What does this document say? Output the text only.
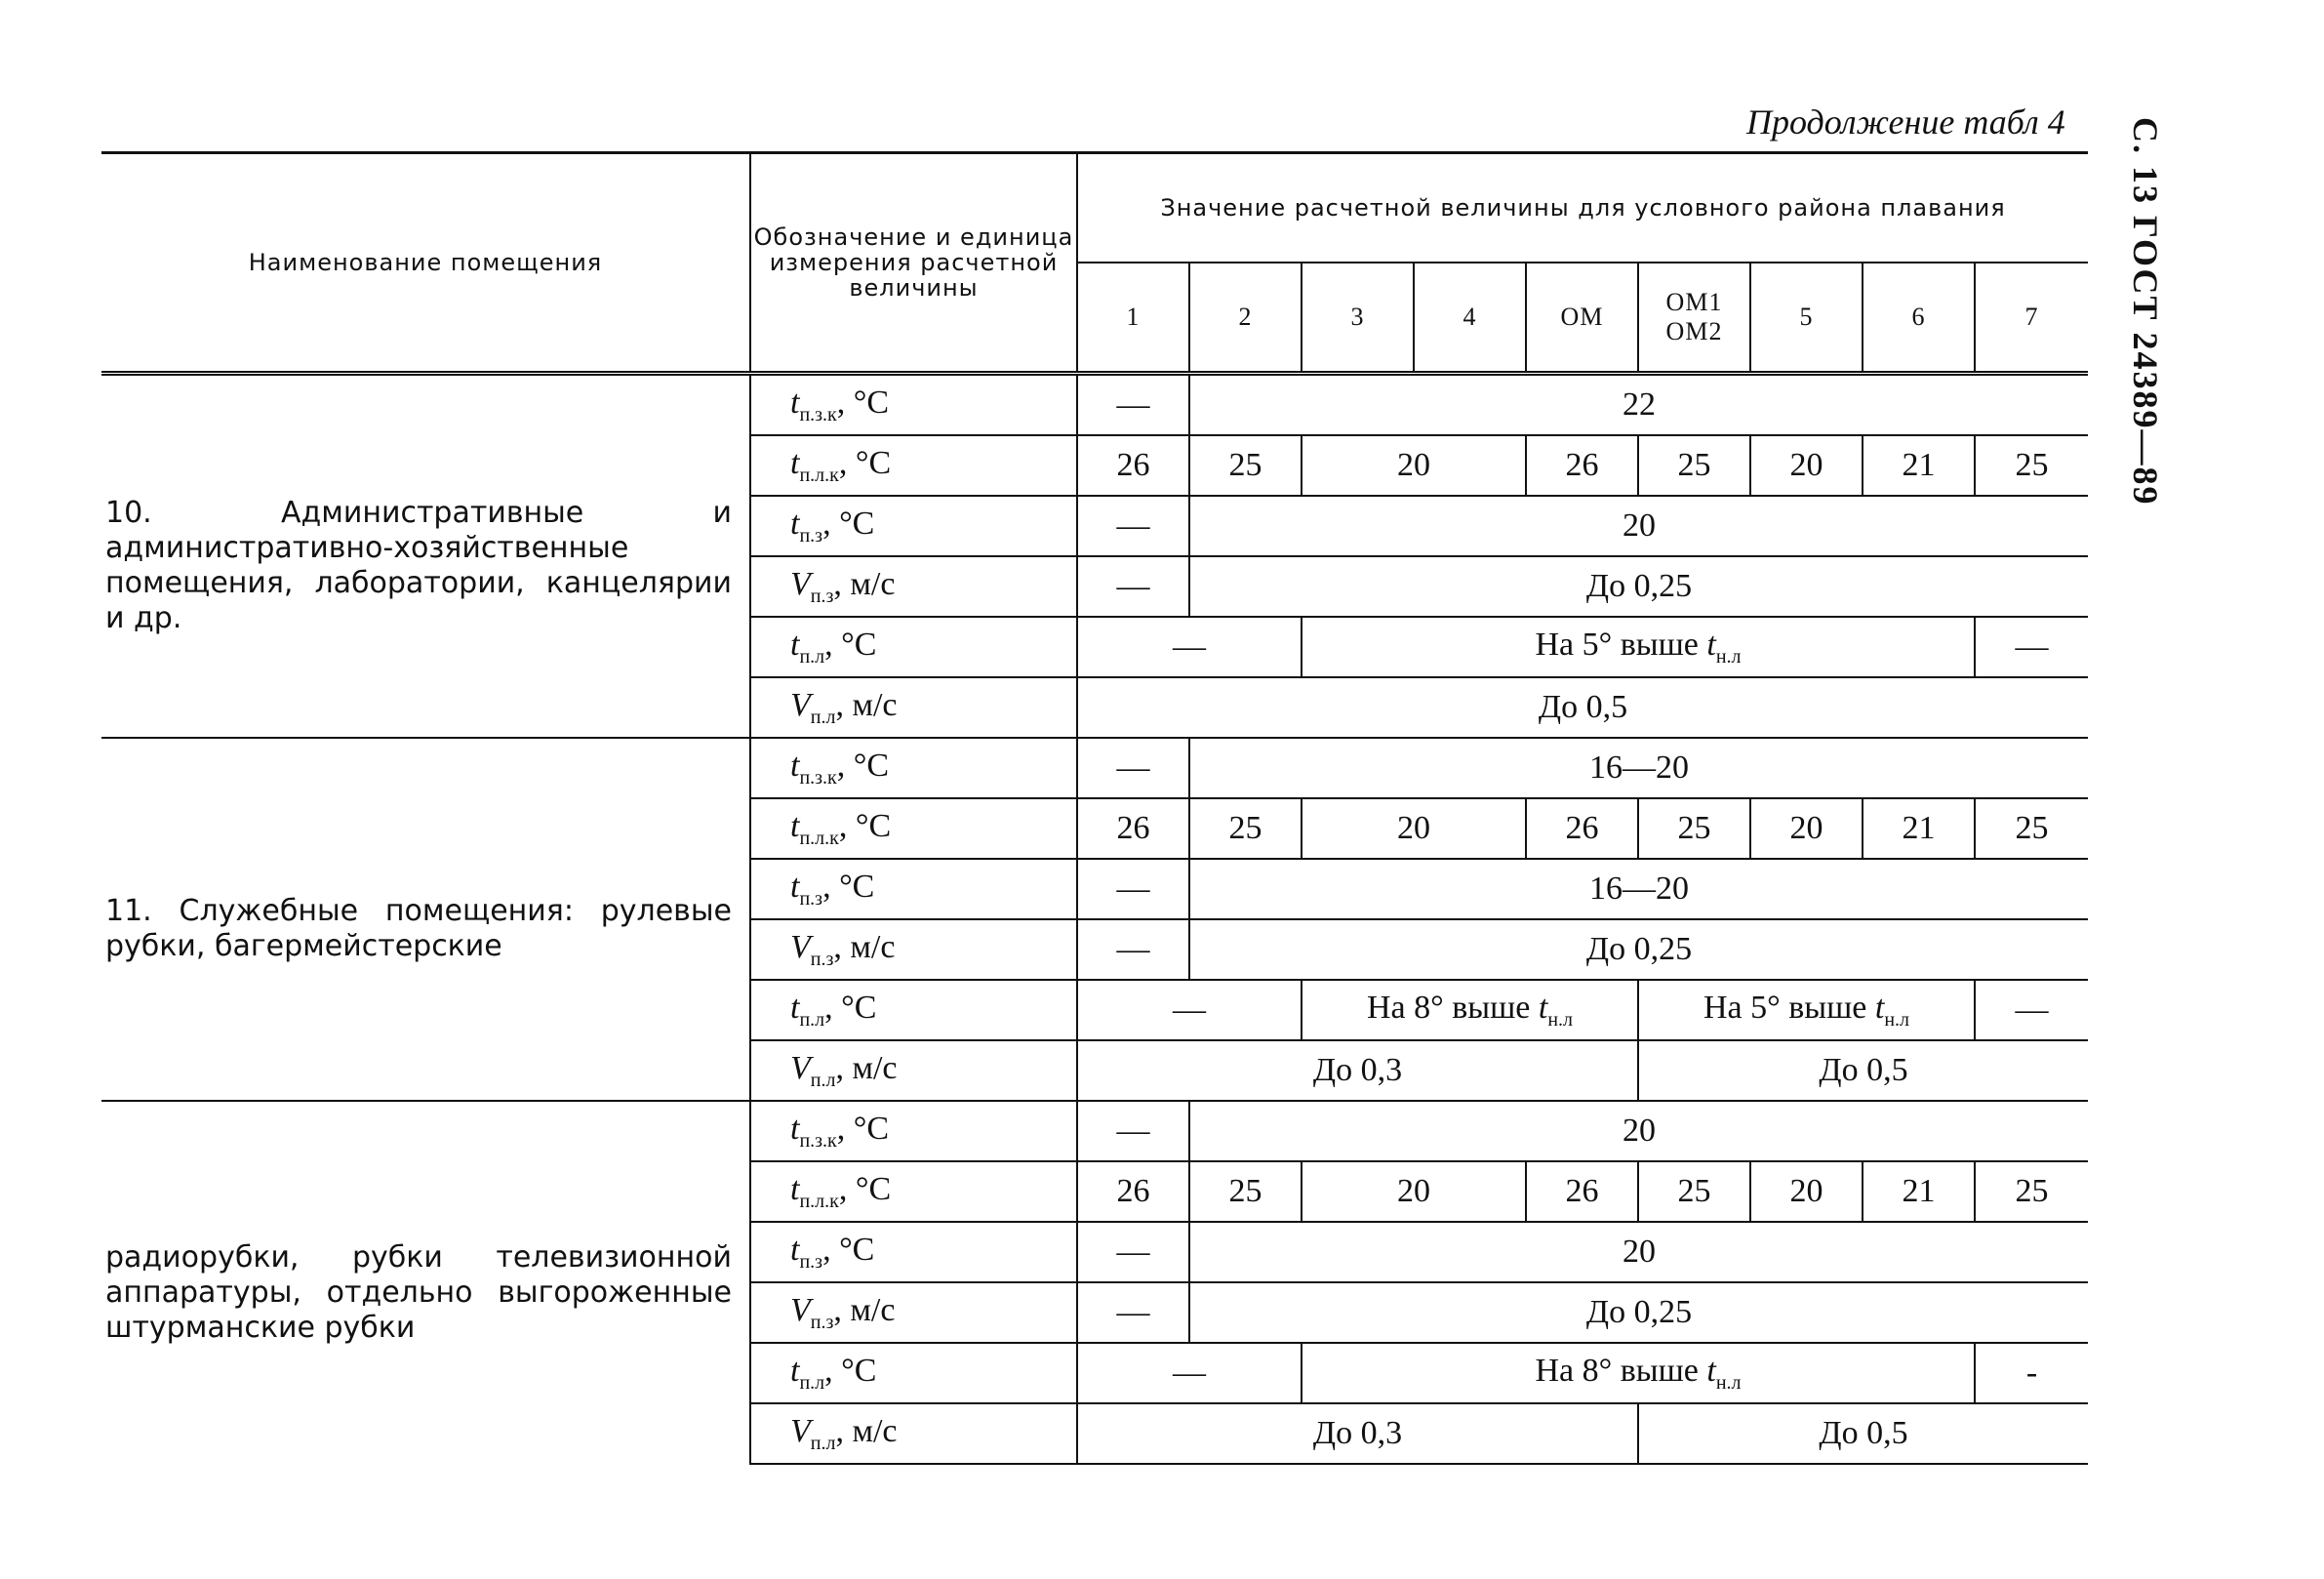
Продолжение табл 4 С. 13 ГОСТ 24389—89
Наименование помещения	Обозначение и единица измерения расчетной величины	Значение расчетной величины для условного района плавания								
		1	2	3	4	ОМ	ОМ1 ОМ2	5	6	7

10. Административные и административно-хозяйственные помещения, лаборатории, канцелярии и др.	$t_{п.з.к}$, °С	—	22							
	$t_{п.л.к}$, °С	26	25	20		26	25	20	21	25
	$t_{п.з}$, °С	—	20							
	$V_{п.з}$, м/с	—	До 0,25							
	$t_{п.л}$, °С	—		На 5° выше $t_{н.л}$						—
	$V_{п.л}$, м/с	До 0,5								
11. Служебные помещения: рулевые рубки, багермейстерские	$t_{п.з.к}$, °С	—	16—20							
	$t_{п.л.к}$, °С	26	25	20		26	25	20	21	25
	$t_{п.з}$, °С	—	16—20							
	$V_{п.з}$, м/с	—	До 0,25							
	$t_{п.л}$, °С	—		На 8° выше $t_{н.л}$			На 5° выше $t_{н.л}$			—
	$V_{п.л}$, м/с	До 0,3					До 0,5			
радиорубки, рубки телевизионной аппаратуры, отдельно выгороженные штурманские рубки	$t_{п.з.к}$, °С	—	20							
	$t_{п.л.к}$, °С	26	25	20		26	25	20	21	25
	$t_{п.з}$, °С	—	20							
	$V_{п.з}$, м/с	—	До 0,25							
	$t_{п.л}$, °С	—		На 8° выше $t_{н.л}$						-
	$V_{п.л}$, м/с	До 0,3					До 0,5			
